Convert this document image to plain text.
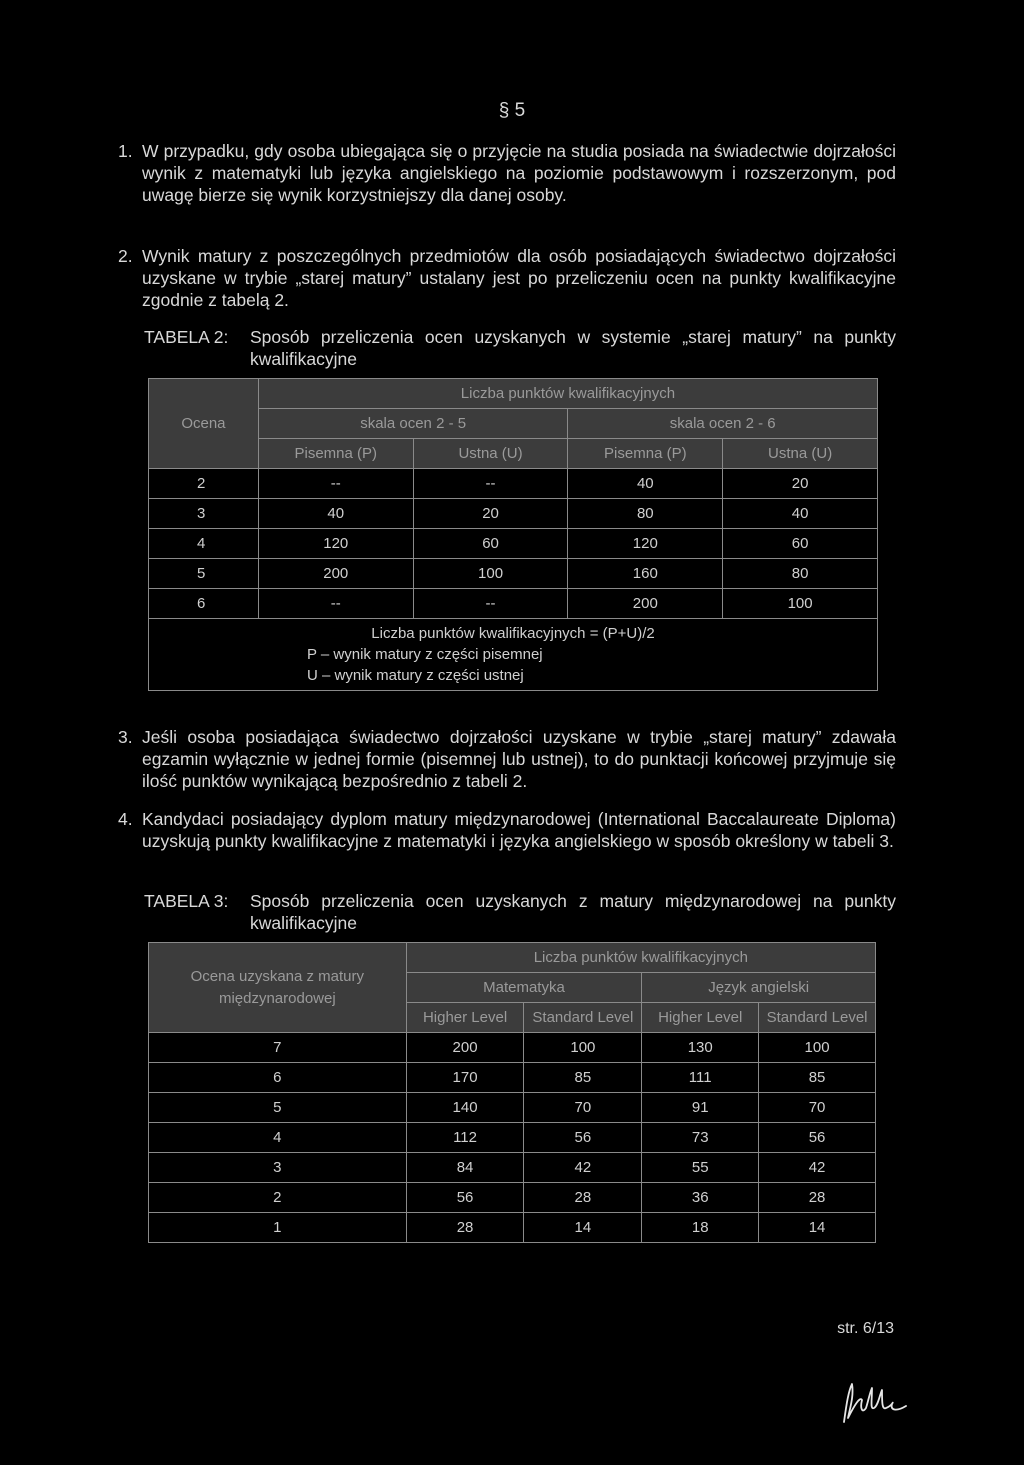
§ 5
1. W przypadku, gdy osoba ubiegająca się o przyjęcie na studia posiada na świadectwie dojrzałości wynik z matematyki lub języka angielskiego na poziomie podstawowym i rozszerzonym, pod uwagę bierze się wynik korzystniejszy dla danej osoby.
2. Wynik matury z poszczególnych przedmiotów dla osób posiadających świadectwo dojrzałości uzyskane w trybie „starej matury” ustalany jest po przeliczeniu ocen na punkty kwalifikacyjne zgodnie z tabelą 2.
TABELA 2:	Sposób przeliczenia ocen uzyskanych w systemie „starej matury” na punkty kwalifikacyjne
Ocena	Liczba punktów kwalifikacyjnych			
	skala ocen 2 - 5		skala ocen 2 - 6	
	Pisemna (P)	Ustna (U)	Pisemna (P)	Ustna (U)
2	--	--	40	20
3	40	20	80	40
4	120	60	120	60
5	200	100	160	80
6	--	--	200	100

Liczba punktów kwalifikacyjnych = (P+U)/2
P – wynik matury z części pisemnej
U – wynik matury z części ustnej				
3. Jeśli osoba posiadająca świadectwo dojrzałości uzyskane w trybie „starej matury” zdawała egzamin wyłącznie w jednej formie (pisemnej lub ustnej), to do punktacji końcowej przyjmuje się ilość punktów wynikającą bezpośrednio z tabeli 2.
4. Kandydaci posiadający dyplom matury międzynarodowej (International Baccalaureate Diploma) uzyskują punkty kwalifikacyjne z matematyki i języka angielskiego w sposób określony w tabeli 3.
TABELA 3:	Sposób przeliczenia ocen uzyskanych z matury międzynarodowej na punkty kwalifikacyjne
Ocena uzyskana z matury międzynarodowej	Liczba punktów kwalifikacyjnych			
	Matematyka		Język angielski	
	Higher Level	Standard Level	Higher Level	Standard Level
7	200	100	130	100
6	170	85	111	85
5	140	70	91	70
4	112	56	73	56
3	84	42	55	42
2	56	28	36	28
1	28	14	18	14
str. 6/13
